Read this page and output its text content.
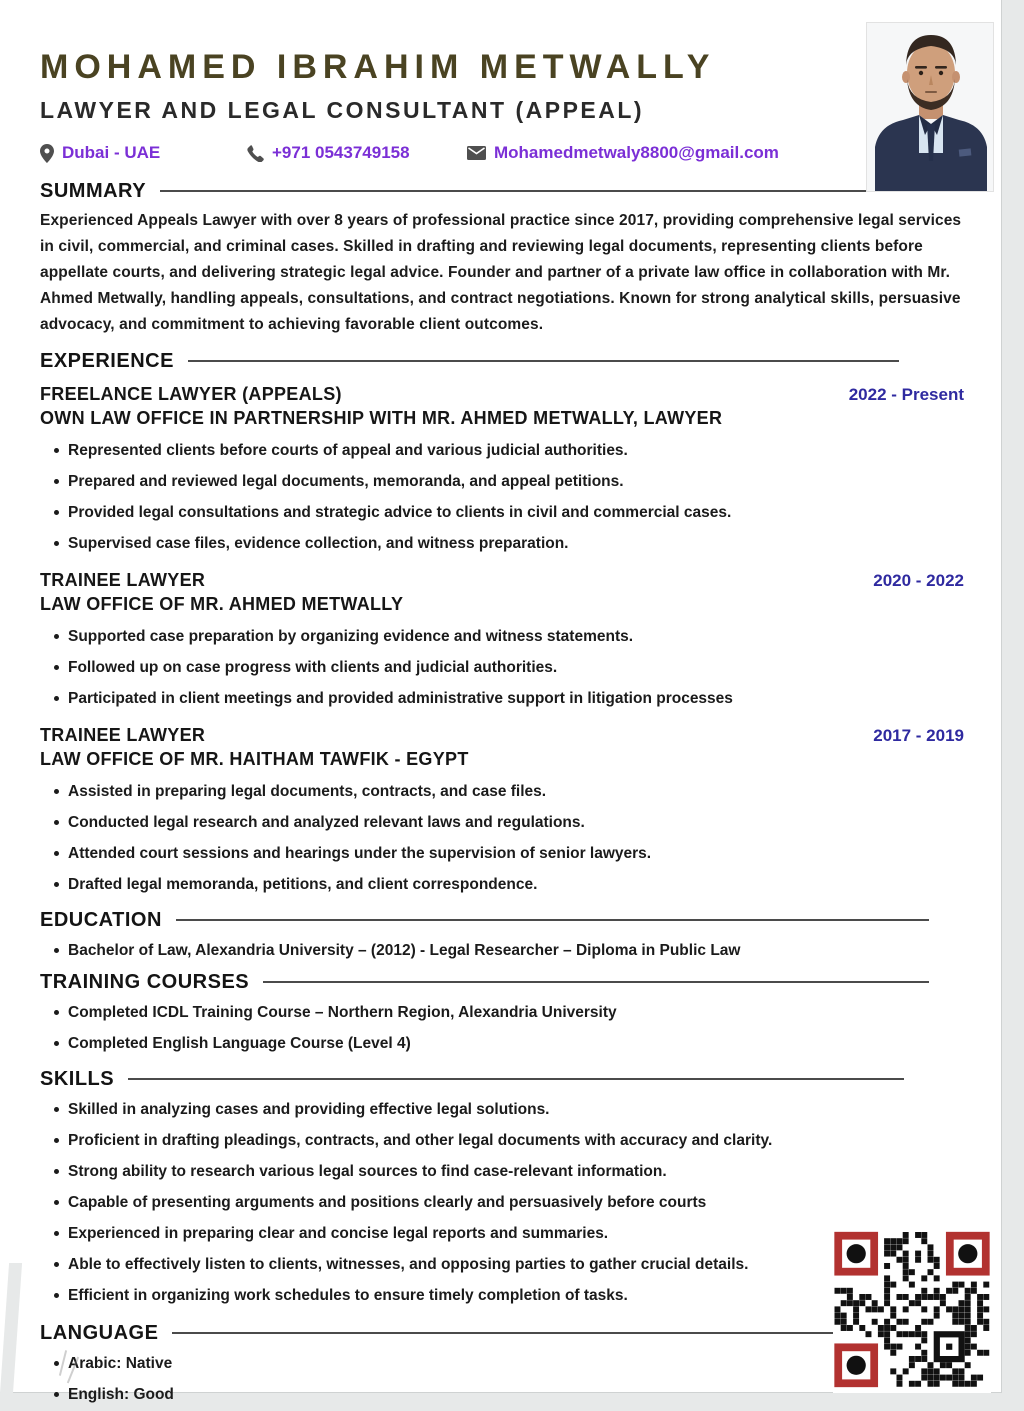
MOHAMED IBRAHIM METWALLY
LAWYER AND LEGAL CONSULTANT (APPEAL)
Dubai - UAE	+971 0543749158	Mohamedmetwaly8800@gmail.com
SUMMARY

Experienced Appeals Lawyer with over 8 years of professional practice since 2017, providing comprehensive legal services in civil, commercial, and criminal cases. Skilled in drafting and reviewing legal documents, representing clients before appellate courts, and delivering strategic legal advice. Founder and partner of a private law office in collaboration with Mr. Ahmed Metwally, handling appeals, consultations, and contract negotiations. Known for strong analytical skills, persuasive advocacy, and commitment to achieving favorable client outcomes.

EXPERIENCE
FREELANCE LAWYER (APPEALS)	2022 - Present
OWN LAW OFFICE IN PARTNERSHIP WITH MR. AHMED METWALLY, LAWYER
Represented clients before courts of appeal and various judicial authorities.
Prepared and reviewed legal documents, memoranda, and appeal petitions.
Provided legal consultations and strategic advice to clients in civil and commercial cases.
Supervised case files, evidence collection, and witness preparation.
TRAINEE LAWYER	2020 - 2022
LAW OFFICE OF MR. AHMED METWALLY
Supported case preparation by organizing evidence and witness statements.
Followed up on case progress with clients and judicial authorities.
Participated in client meetings and provided administrative support in litigation processes
TRAINEE LAWYER	2017 - 2019
LAW OFFICE OF MR. HAITHAM TAWFIK - EGYPT
Assisted in preparing legal documents, contracts, and case files.
Conducted legal research and analyzed relevant laws and regulations.
Attended court sessions and hearings under the supervision of senior lawyers.
Drafted legal memoranda, petitions, and client correspondence.
EDUCATION
Bachelor of Law, Alexandria University – (2012) - Legal Researcher – Diploma in Public Law
TRAINING COURSES
Completed ICDL Training Course – Northern Region, Alexandria University
Completed English Language Course (Level 4)
SKILLS
Skilled in analyzing cases and providing effective legal solutions.
Proficient in drafting pleadings, contracts, and other legal documents with accuracy and clarity.
Strong ability to research various legal sources to find case-relevant information.
Capable of presenting arguments and positions clearly and persuasively before courts
Experienced in preparing clear and concise legal reports and summaries.
Able to effectively listen to clients, witnesses, and opposing parties to gather crucial details.
Efficient in organizing work schedules to ensure timely completion of tasks.
LANGUAGE
Arabic: Native
English: Good
